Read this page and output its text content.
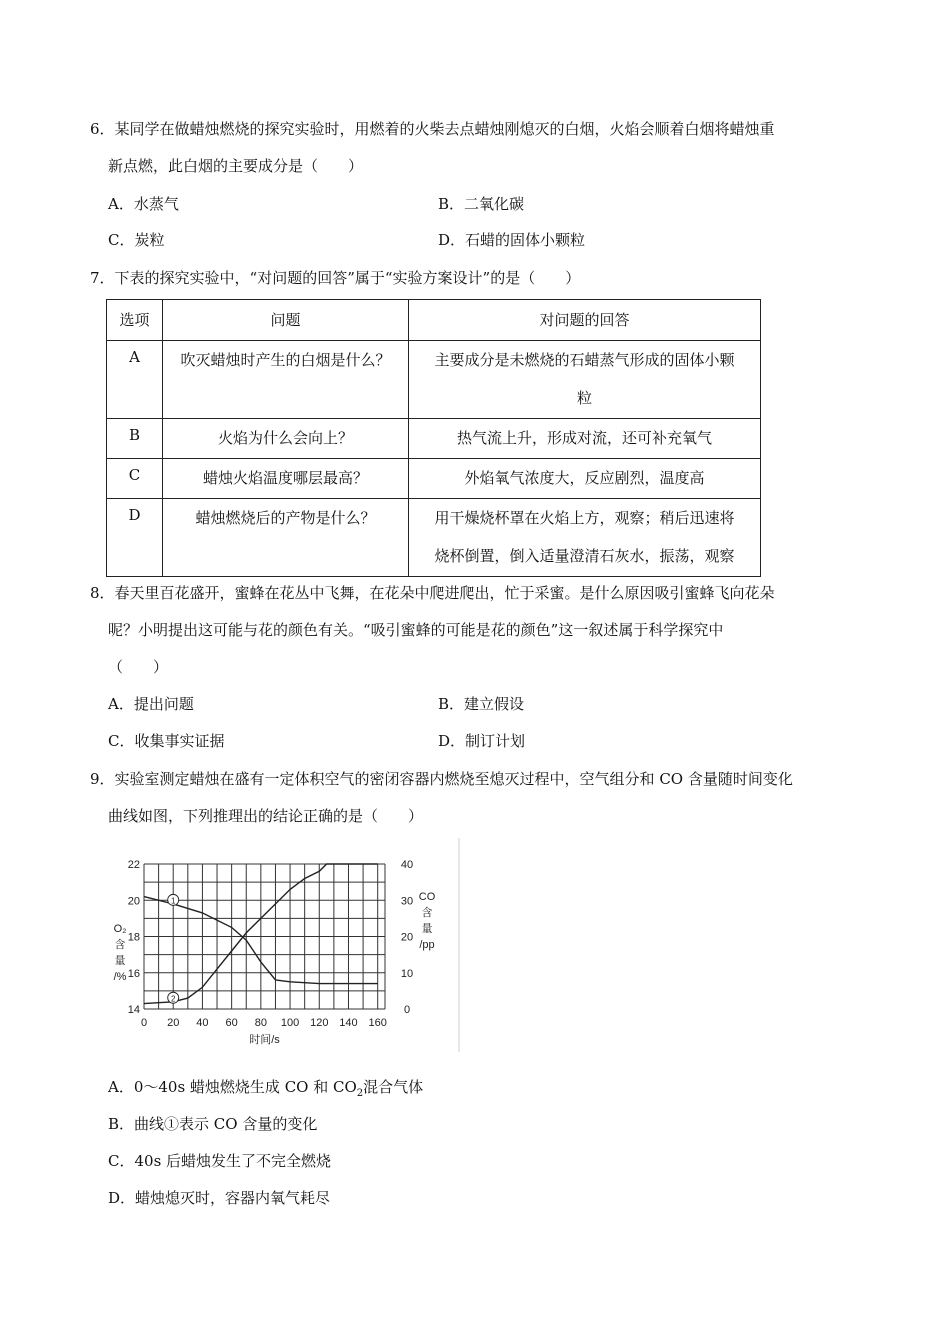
6．某同学在做蜡烛燃烧的探究实验时，用燃着的火柴去点蜡烛刚熄灭的白烟，火焰会顺着白烟将蜡烛重
新点燃，此白烟的主要成分是（　　）
A．水蒸气	B．二氧化碳
C．炭粒	D．石蜡的固体小颗粒
7．下表的探究实验中，“对问题的回答”属于“实验方案设计”的是（　　）
选项	问题	对问题的回答

A	吹灭蜡烛时产生的白烟是什么？	主要成分是未燃烧的石蜡蒸气形成的固体小颗
粒

B	火焰为什么会向上？	热气流上升，形成对流，还可补充氧气

C	蜡烛火焰温度哪层最高？	外焰氧气浓度大，反应剧烈，温度高

D	蜡烛燃烧后的产物是什么？	用干燥烧杯罩在火焰上方，观察；稍后迅速将
烧杯倒置，倒入适量澄清石灰水，振荡，观察
8．春天里百花盛开，蜜蜂在花丛中飞舞，在花朵中爬进爬出，忙于采蜜。是什么原因吸引蜜蜂飞向花朵
呢？小明提出这可能与花的颜色有关。“吸引蜜蜂的可能是花的颜色”这一叙述属于科学探究中
（　　）
A．提出问题	B．建立假设
C．收集事实证据	D．制订计划
9．实验室测定蜡烛在盛有一定体积空气的密闭容器内燃烧至熄灭过程中，空气组分和 CO 含量随时间变化
曲线如图，下列推理出的结论正确的是（　　）
0 20 40 60 80 100 120 140 160
14
16
18
20
22
0
10
20
30
40
时间/s
O₂
含
量
/%
CO
含
量
/pp
1
2
A．0～40s 蜡烛燃烧生成 CO 和 $CO_2$混合气体
B．曲线①表示 CO 含量的变化
C．40s 后蜡烛发生了不完全燃烧
D．蜡烛熄灭时，容器内氧气耗尽
